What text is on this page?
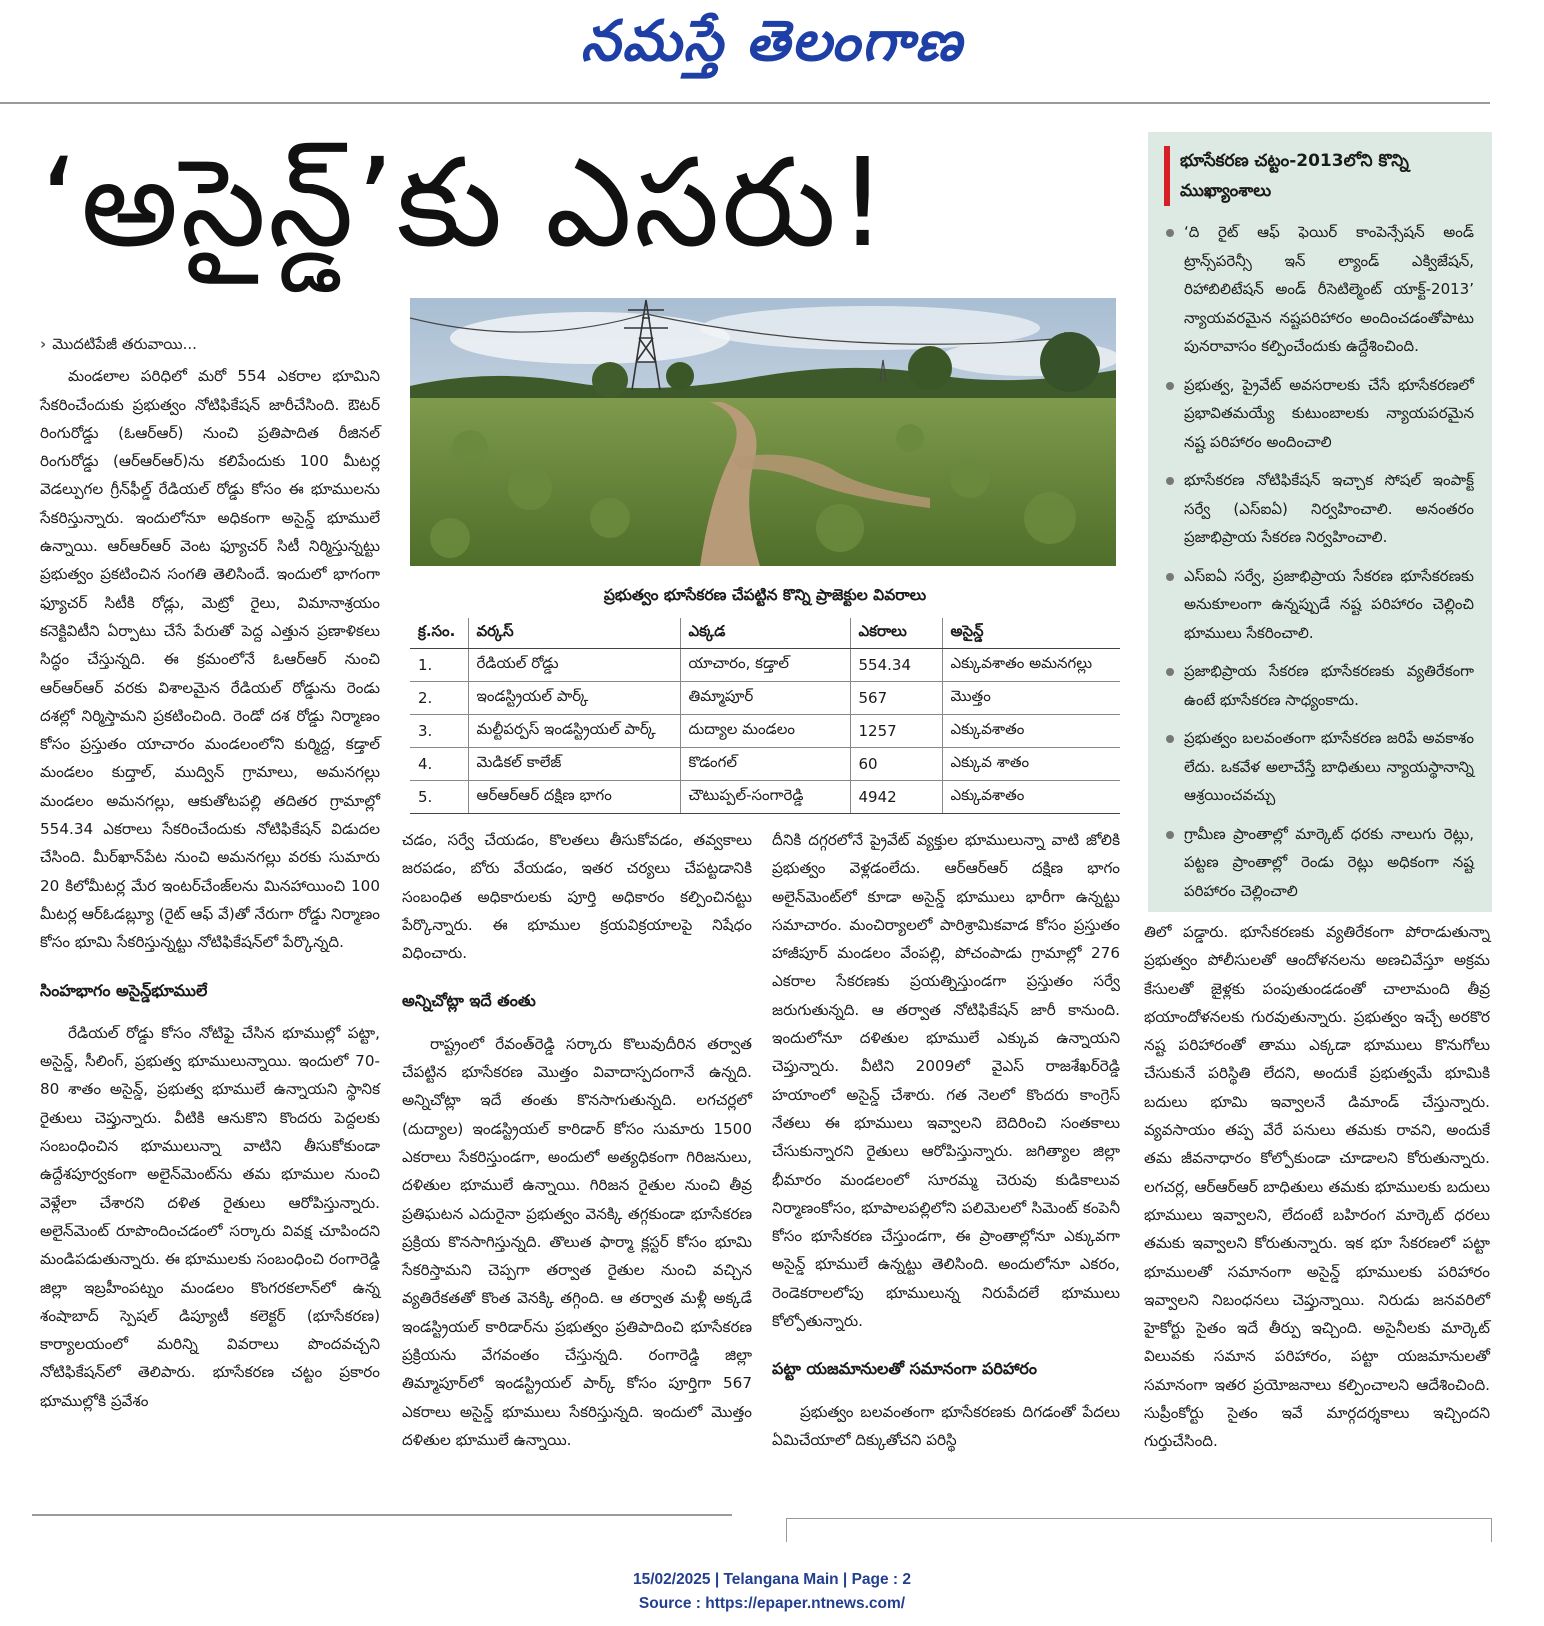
నమస్తే తెలంగాణ
‘అసైన్డ్’కు ఎసరు!
› మొదటిపేజీ తరువాయి...

మండలాల పరిధిలో మరో 554 ఎకరాల భూమిని సేకరించేందుకు ప్రభుత్వం నోటిఫికేషన్ జారీచేసింది. ఔటర్ రింగురోడ్డు (ఓఆర్ఆర్) నుంచి ప్రతిపాదిత రీజినల్ రింగురోడ్డు (ఆర్ఆర్ఆర్)ను కలిపేందుకు 100 మీటర్ల వెడల్పుగల గ్రీన్‌ఫీల్డ్ రేడియల్ రోడ్డు కోసం ఈ భూములను సేకరిస్తున్నారు. ఇందులోనూ అధికంగా అసైన్డ్ భూములే ఉన్నాయి. ఆర్ఆర్ఆర్ వెంట ఫ్యూచర్ సిటీ నిర్మిస్తున్నట్టు ప్రభుత్వం ప్రకటించిన సంగతి తెలిసిందే. ఇందులో భాగంగా ఫ్యూచర్ సిటీకి రోడ్లు, మెట్రో రైలు, విమానాశ్రయం కనెక్టివిటీని ఏర్పాటు చేసే పేరుతో పెద్ద ఎత్తున ప్రణాళికలు సిద్ధం చేస్తున్నది. ఈ క్రమంలోనే ఓఆర్ఆర్ నుంచి ఆర్ఆర్ఆర్ వరకు విశాలమైన రేడియల్ రోడ్డును రెండు దశల్లో నిర్మిస్తామని ప్రకటించింది. రెండో దశ రోడ్డు నిర్మాణం కోసం ప్రస్తుతం యాచారం మండలంలోని కుర్మిద్ద, కడ్తాల్ మండలం కుద్తాల్, ముద్విన్ గ్రామాలు, అమనగల్లు మండలం అమనగల్లు, ఆకుతోటపల్లి తదితర గ్రామాల్లో 554.34 ఎకరాలు సేకరించేందుకు నోటిఫికేషన్ విడుదల చేసింది. మీర్‌ఖాన్‌పేట నుంచి అమనగల్లు వరకు సుమారు 20 కిలోమీటర్ల మేర ఇంటర్‌చేంజ్‌లను మినహాయించి 100 మీటర్ల ఆర్ఓడబ్ల్యూ (రైట్ ఆఫ్ వే)తో నేరుగా రోడ్డు నిర్మాణం కోసం భూమి సేకరిస్తున్నట్టు నోటిఫికేషన్‌లో పేర్కొన్నది.

సింహభాగం అసైన్డ్‌భూములే

రేడియల్ రోడ్డు కోసం నోటిఫై చేసిన భూముల్లో పట్టా, అసైన్డ్, సీలింగ్, ప్రభుత్వ భూములున్నాయి. ఇందులో 70-80 శాతం అసైన్డ్, ప్రభుత్వ భూములే ఉన్నాయని స్థానిక రైతులు చెప్తున్నారు. వీటికి ఆనుకొని కొందరు పెద్దలకు సంబంధించిన భూములున్నా వాటిని తీసుకోకుండా ఉద్దేశపూర్వకంగా అలైన్‌మెంట్‌ను తమ భూముల నుంచి వెళ్లేలా చేశారని దళిత రైతులు ఆరోపిస్తున్నారు. అలైన్‌మెంట్ రూపొందించడంలో సర్కారు వివక్ష చూపిందని మండిపడుతున్నారు. ఈ భూములకు సంబంధించి రంగారెడ్డి జిల్లా ఇబ్రహీంపట్నం మండలం కొంగరకలాన్‌లో ఉన్న శంషాబాద్ స్పెషల్ డిప్యూటీ కలెక్టర్ (భూసేకరణ) కార్యాలయంలో మరిన్ని వివరాలు పొందవచ్చని నోటిఫికేషన్‌లో తెలిపారు. భూసేకరణ చట్టం ప్రకారం భూముల్లోకి ప్రవేశం

ప్రభుత్వం భూసేకరణ చేపట్టిన కొన్ని ప్రాజెక్టుల వివరాలు
క్ర.సం.	వర్కస్	ఎక్కడ	ఎకరాలు	అసైన్డ్
1.	రేడియల్ రోడ్డు	యాచారం, కడ్తాల్	554.34	ఎక్కువశాతం అమనగల్లు
2.	ఇండస్ట్రియల్ పార్క్	తిమ్మాపూర్	567	మొత్తం
3.	మల్టీపర్పస్ ఇండస్ట్రియల్ పార్క్	దుద్యాల మండలం	1257	ఎక్కువశాతం
4.	మెడికల్ కాలేజ్	కొడంగల్	60	ఎక్కువ శాతం
5.	ఆర్ఆర్ఆర్ దక్షిణ భాగం	చౌటుప్పల్-సంగారెడ్డి	4942	ఎక్కువశాతం

చడం, సర్వే చేయడం, కొలతలు తీసుకోవడం, తవ్వకాలు జరపడం, బోరు వేయడం, ఇతర చర్యలు చేపట్టడానికి సంబంధిత అధికారులకు పూర్తి అధికారం కల్పించినట్టు పేర్కొన్నారు. ఈ భూముల క్రయవిక్రయాలపై నిషేధం విధించారు.

అన్నిచోట్లా ఇదే తంతు

రాష్ట్రంలో రేవంత్‌రెడ్డి సర్కారు కొలువుదీరిన తర్వాత చేపట్టిన భూసేకరణ మొత్తం వివాదాస్పదంగానే ఉన్నది. అన్నిచోట్లా ఇదే తంతు కొనసాగుతున్నది. లగచర్లలో (దుద్యాల) ఇండస్ట్రియల్ కారిడార్ కోసం సుమారు 1500 ఎకరాలు సేకరిస్తుండగా, అందులో అత్యధికంగా గిరిజనులు, దళితుల భూములే ఉన్నాయి. గిరిజన రైతుల నుంచి తీవ్ర ప్రతిఘటన ఎదురైనా ప్రభుత్వం వెనక్కి తగ్గకుండా భూసేకరణ ప్రక్రియ కొనసాగిస్తున్నది. తొలుత ఫార్మా క్లస్టర్ కోసం భూమి సేకరిస్తామని చెప్పగా తర్వాత రైతుల నుంచి వచ్చిన వ్యతిరేకతతో కొంత వెనక్కి తగ్గింది. ఆ తర్వాత మళ్లీ అక్కడే ఇండస్ట్రియల్ కారిడార్‌ను ప్రభుత్వం ప్రతిపాదించి భూసేకరణ ప్రక్రియను వేగవంతం చేస్తున్నది. రంగారెడ్డి జిల్లా తిమ్మాపూర్‌లో ఇండస్ట్రియల్ పార్క్ కోసం పూర్తిగా 567 ఎకరాలు అసైన్డ్ భూములు సేకరిస్తున్నది. ఇందులో మొత్తం దళితుల భూములే ఉన్నాయి.

దీనికి దగ్గరలోనే ప్రైవేట్ వ్యక్తుల భూములున్నా వాటి జోలికి ప్రభుత్వం వెళ్లడంలేదు. ఆర్ఆర్ఆర్ దక్షిణ భాగం అలైన్‌మెంట్‌లో కూడా అసైన్డ్ భూములు భారీగా ఉన్నట్టు సమాచారం. మంచిర్యాలలో పారిశ్రామికవాడ కోసం ప్రస్తుతం హాజీపూర్ మండలం వేంపల్లి, పోచంపాడు గ్రామాల్లో 276 ఎకరాల సేకరణకు ప్రయత్నిస్తుండగా ప్రస్తుతం సర్వే జరుగుతున్నది. ఆ తర్వాత నోటిఫికేషన్ జారీ కానుంది. ఇందులోనూ దళితుల భూములే ఎక్కువ ఉన్నాయని చెప్తున్నారు. వీటిని 2009లో వైఎస్ రాజశేఖర్‌రెడ్డి హయాంలో అసైన్డ్ చేశారు. గత నెలలో కొందరు కాంగ్రెస్ నేతలు ఈ భూములు ఇవ్వాలని బెదిరించి సంతకాలు చేసుకున్నారని రైతులు ఆరోపిస్తున్నారు. జగిత్యాల జిల్లా భీమారం మండలంలో సూరమ్మ చెరువు కుడికాలువ నిర్మాణంకోసం, భూపాలపల్లిలోని పలిమెలలో సిమెంట్ కంపెనీ కోసం భూసేకరణ చేస్తుండగా, ఈ ప్రాంతాల్లోనూ ఎక్కువగా అసైన్డ్ భూములే ఉన్నట్టు తెలిసింది. అందులోనూ ఎకరం, రెండెకరాలలోపు భూములున్న నిరుపేదలే భూములు కోల్పోతున్నారు.

పట్టా యజమానులతో సమానంగా పరిహారం

ప్రభుత్వం బలవంతంగా భూసేకరణకు దిగడంతో పేదలు ఏమిచేయాలో దిక్కుతోచని పరిస్థి

భూసేకరణ చట్టం-2013లోని కొన్ని ముఖ్యాంశాలు
‘ది రైట్ ఆఫ్ ఫెయిర్ కాంపెన్సేషన్ అండ్ ట్రాన్స్‌పరెన్సీ ఇన్ ల్యాండ్ ఎక్విజేషన్, రిహాబిలిటేషన్ అండ్ రీసెటిల్మెంట్ యాక్ట్-2013’ న్యాయవరమైన నష్టపరిహారం అందించడంతోపాటు పునరావాసం కల్పించేందుకు ఉద్దేశించింది.
ప్రభుత్వ, ప్రైవేట్ అవసరాలకు చేసే భూసేకరణలో ప్రభావితమయ్యే కుటుంబాలకు న్యాయపరమైన నష్ట పరిహారం అందించాలి
భూసేకరణ నోటిఫికేషన్ ఇచ్చాక సోషల్ ఇంపాక్ట్ సర్వే (ఎస్ఐఏ) నిర్వహించాలి. అనంతరం ప్రజాభిప్రాయ సేకరణ నిర్వహించాలి.
ఎస్ఐఏ సర్వే, ప్రజాభిప్రాయ సేకరణ భూసేకరణకు అనుకూలంగా ఉన్నప్పుడే నష్ట పరిహారం చెల్లించి భూములు సేకరించాలి.
ప్రజాభిప్రాయ సేకరణ భూసేకరణకు వ్యతిరేకంగా ఉంటే భూసేకరణ సాధ్యంకాదు.
ప్రభుత్వం బలవంతంగా భూసేకరణ జరిపే అవకాశం లేదు. ఒకవేళ అలాచేస్తే బాధితులు న్యాయస్థానాన్ని ఆశ్రయించవచ్చు
గ్రామీణ ప్రాంతాల్లో మార్కెట్ ధరకు నాలుగు రెట్లు, పట్టణ ప్రాంతాల్లో రెండు రెట్లు అధికంగా నష్ట పరిహారం చెల్లించాలి

తిలో పడ్డారు. భూసేకరణకు వ్యతిరేకంగా పోరాడుతున్నా ప్రభుత్వం పోలీసులతో ఆందోళనలను అణచివేస్తూ అక్రమ కేసులతో జైళ్లకు పంపుతుండడంతో చాలామంది తీవ్ర భయాందోళనలకు గురవుతున్నారు. ప్రభుత్వం ఇచ్చే అరకొర నష్ట పరిహారంతో తాము ఎక్కడా భూములు కొనుగోలు చేసుకునే పరిస్థితి లేదని, అందుకే ప్రభుత్వమే భూమికి బదులు భూమి ఇవ్వాలనే డిమాండ్ చేస్తున్నారు. వ్యవసాయం తప్ప వేరే పనులు తమకు రావని, అందుకే తమ జీవనాధారం కోల్పోకుండా చూడాలని కోరుతున్నారు. లగచర్ల, ఆర్ఆర్ఆర్ బాధితులు తమకు భూములకు బదులు భూములు ఇవ్వాలని, లేదంటే బహిరంగ మార్కెట్ ధరలు తమకు ఇవ్వాలని కోరుతున్నారు. ఇక భూ సేకరణలో పట్టా భూములతో సమానంగా అసైన్డ్ భూములకు పరిహారం ఇవ్వాలని నిబంధనలు చెప్తున్నాయి. నిరుడు జనవరిలో హైకోర్టు సైతం ఇదే తీర్పు ఇచ్చింది. అసైనీలకు మార్కెట్ విలువకు సమాన పరిహారం, పట్టా యజమానులతో సమానంగా ఇతర ప్రయోజనాలు కల్పించాలని ఆదేశించింది. సుప్రీంకోర్టు సైతం ఇవే మార్గదర్శకాలు ఇచ్చిందని గుర్తుచేసింది.

15/02/2025 | Telangana Main | Page : 2
Source : https://epaper.ntnews.com/
